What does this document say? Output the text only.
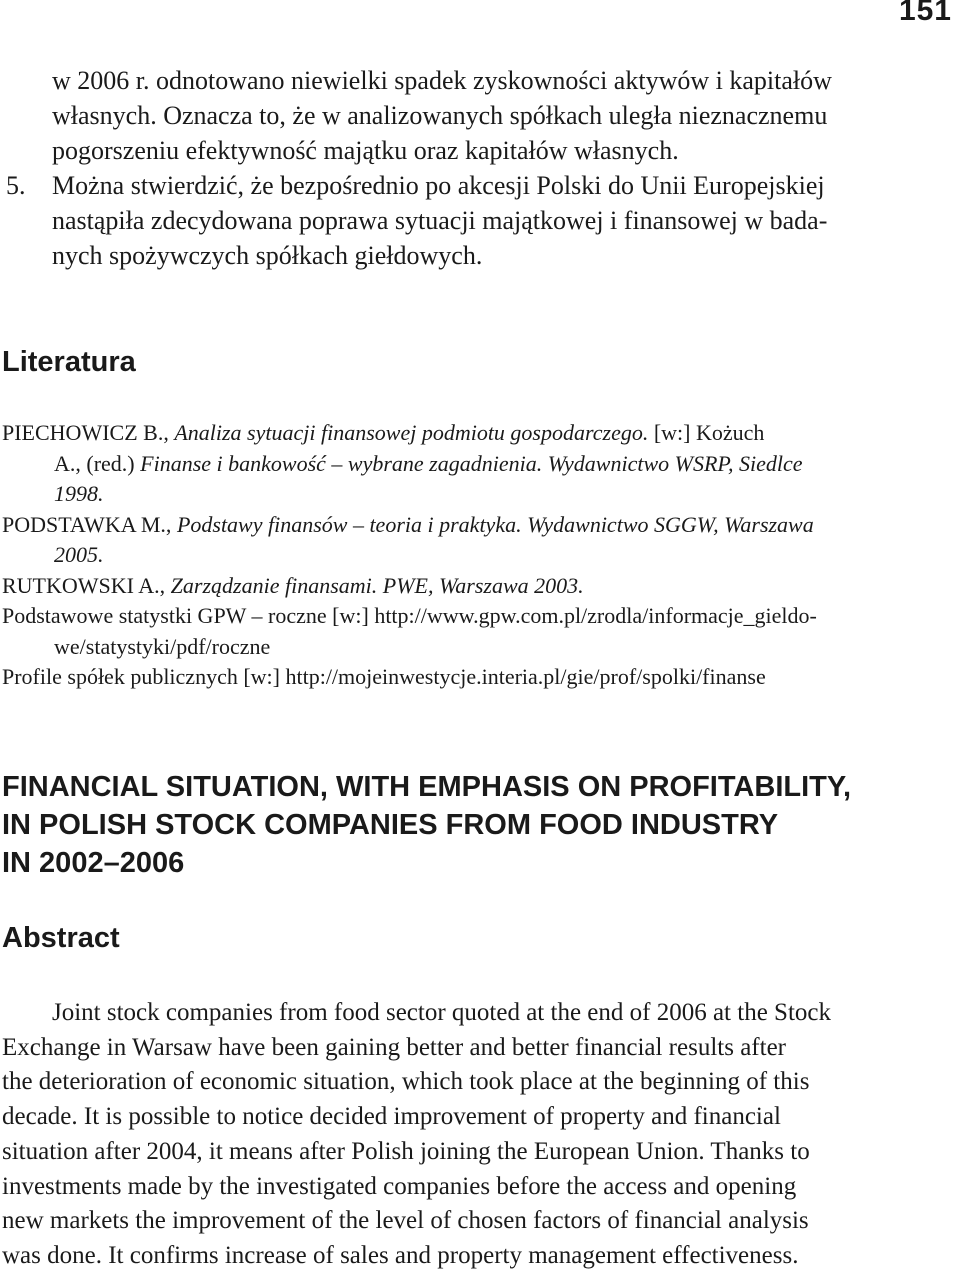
151
w 2006 r. odnotowano niewielki spadek zyskowności aktywów i kapitałów
własnych. Oznacza to, że w analizowanych spółkach uległa nieznacznemu
pogorszeniu efektywność majątku oraz kapitałów własnych.
5. Można stwierdzić, że bezpośrednio po akcesji Polski do Unii Europejskiej
nastąpiła zdecydowana poprawa sytuacji majątkowej i finansowej w bada-
nych spożywczych spółkach giełdowych.
Literatura
PIECHOWICZ B., Analiza sytuacji finansowej podmiotu gospodarczego. [w:] Kożuch
A., (red.) Finanse i bankowość – wybrane zagadnienia. Wydawnictwo WSRP, Siedlce
1998.
PODSTAWKA M., Podstawy finansów – teoria i praktyka. Wydawnictwo SGGW, Warszawa
2005.
RUTKOWSKI A., Zarządzanie finansami. PWE, Warszawa 2003.
Podstawowe statystki GPW – roczne [w:] http://www.gpw.com.pl/zrodla/informacje_gieldo-
we/statystyki/pdf/roczne
Profile spółek publicznych [w:] http://mojeinwestycje.interia.pl/gie/prof/spolki/finanse
FINANCIAL SITUATION, WITH EMPHASIS ON PROFITABILITY,
IN POLISH STOCK COMPANIES FROM FOOD INDUSTRY
IN 2002–2006
Abstract
Joint stock companies from food sector quoted at the end of 2006 at the Stock
Exchange in Warsaw have been gaining better and better financial results after
the deterioration of economic situation, which took place at the beginning of this
decade. It is possible to notice decided improvement of property and financial
situation after 2004, it means after Polish joining the European Union. Thanks to
investments made by the investigated companies before the access and opening
new markets the improvement of the level of chosen factors of financial analysis
was done. It confirms increase of sales and property management effectiveness.
